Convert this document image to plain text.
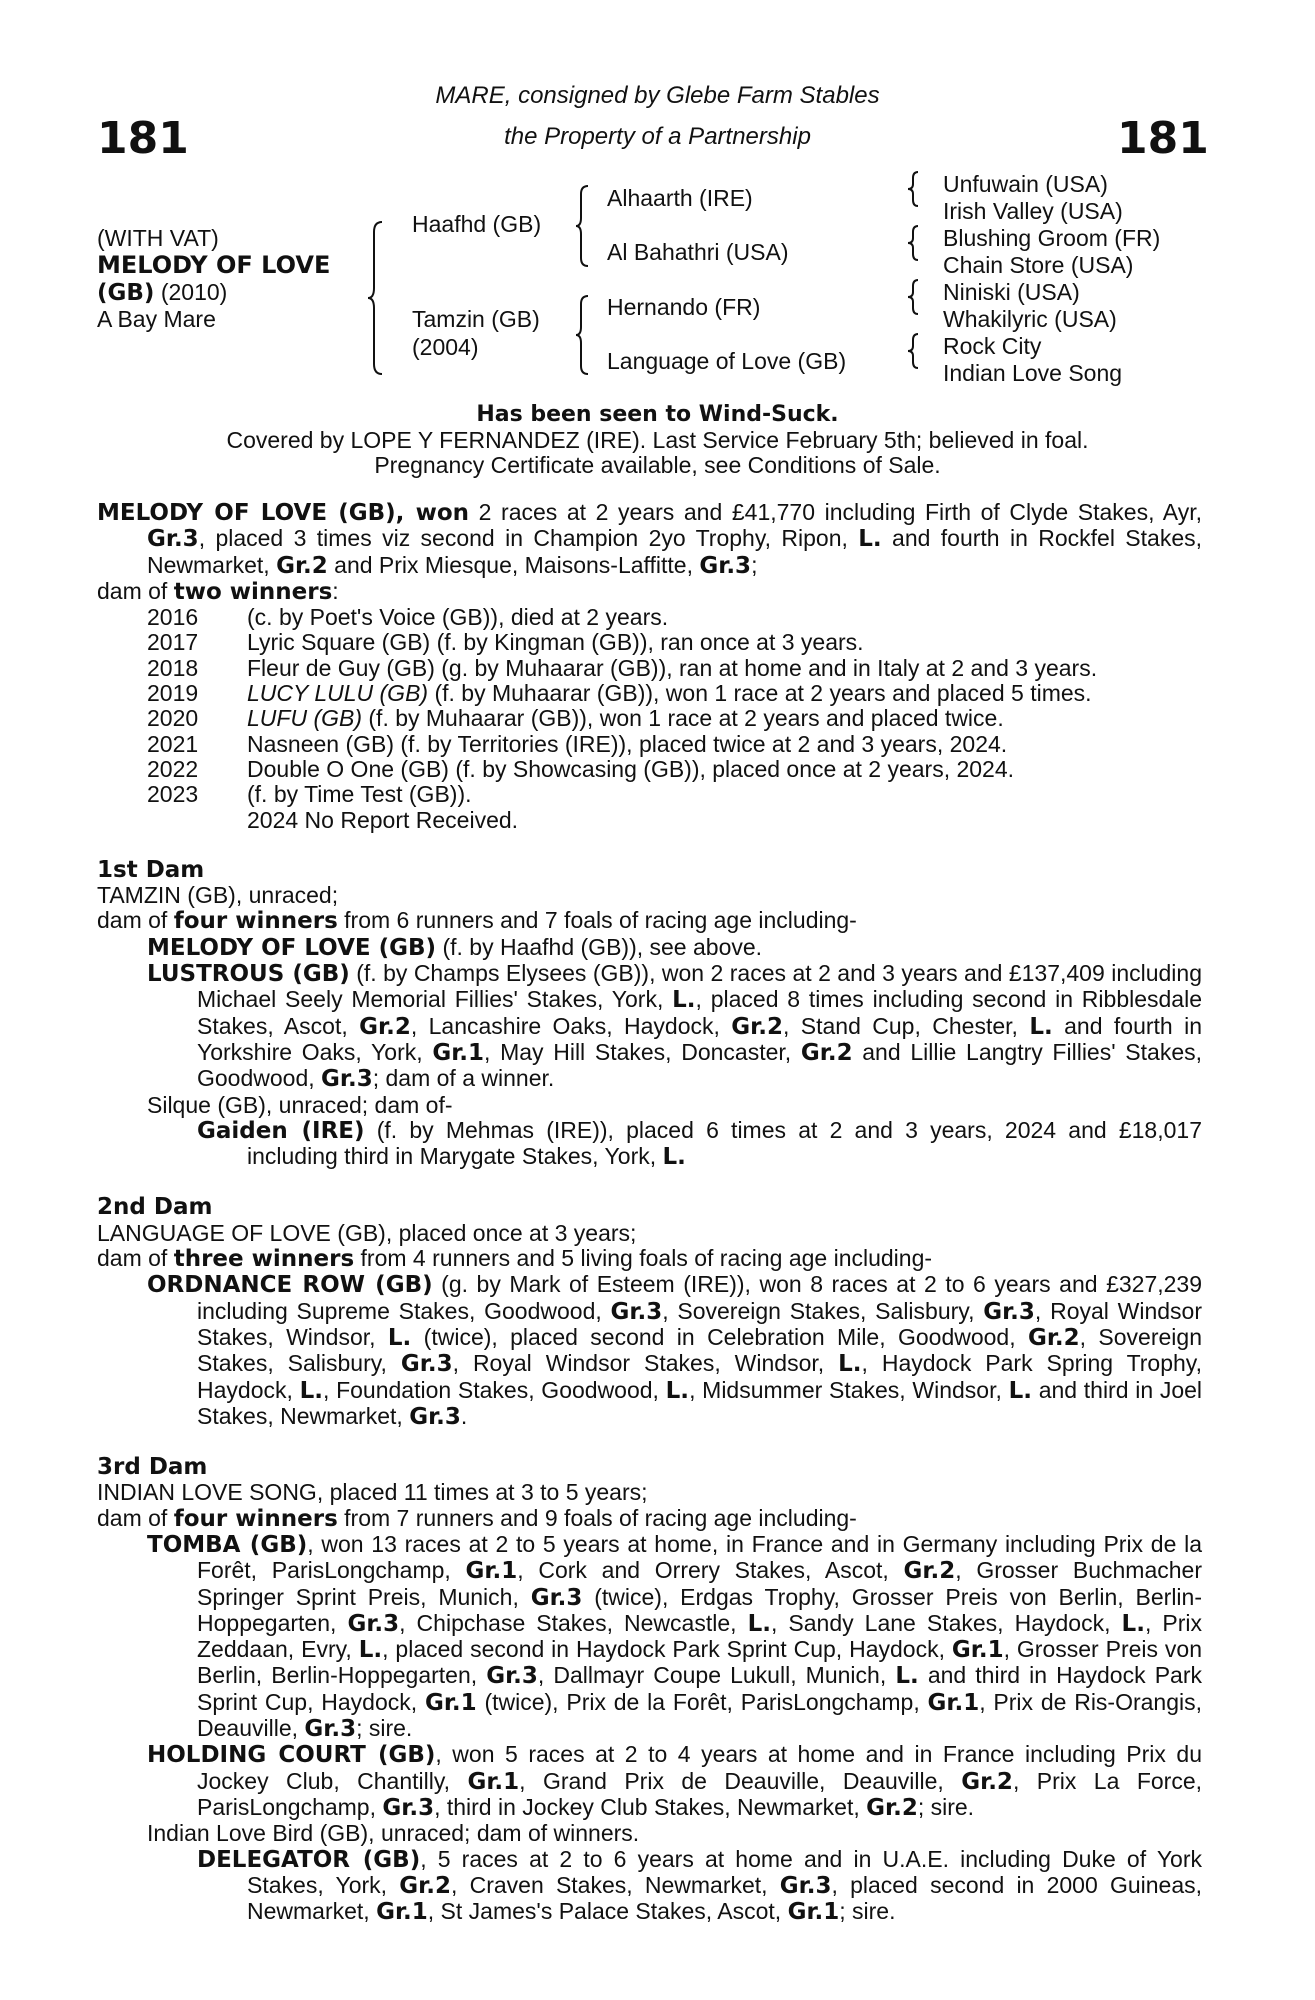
181	181
MARE, consigned by Glebe Farm Stables
the Property of a Partnership
(WITH VAT)
MELODY OF LOVE
(GB) (2010)
A Bay Mare
Haafhd (GB)
Tamzin (GB)
(2004)
Alhaarth (IRE)
Al Bahathri (USA)
Hernando (FR)
Language of Love (GB)
Unfuwain (USA)
Irish Valley (USA)
Blushing Groom (FR)
Chain Store (USA)
Niniski (USA)
Whakilyric (USA)
Rock City
Indian Love Song
Has been seen to Wind-Suck.
Covered by LOPE Y FERNANDEZ (IRE). Last Service February 5th; believed in foal.
Pregnancy Certificate available, see Conditions of Sale.
MELODY OF LOVE (GB), won 2 races at 2 years and £41,770 including Firth of Clyde Stakes, Ayr, Gr.3, placed 3 times viz second in Champion 2yo Trophy, Ripon, L. and fourth in Rockfel Stakes, Newmarket, Gr.2 and Prix Miesque, Maisons-Laffitte, Gr.3;
dam of two winners:
2016	(c. by Poet's Voice (GB)), died at 2 years.
2017	Lyric Square (GB) (f. by Kingman (GB)), ran once at 3 years.
2018	Fleur de Guy (GB) (g. by Muhaarar (GB)), ran at home and in Italy at 2 and 3 years.
2019	LUCY LULU (GB) (f. by Muhaarar (GB)), won 1 race at 2 years and placed 5 times.
2020	LUFU (GB) (f. by Muhaarar (GB)), won 1 race at 2 years and placed twice.
2021	Nasneen (GB) (f. by Territories (IRE)), placed twice at 2 and 3 years, 2024.
2022	Double O One (GB) (f. by Showcasing (GB)), placed once at 2 years, 2024.
2023	(f. by Time Test (GB)).
2024 No Report Received.
1st Dam
TAMZIN (GB), unraced;
dam of four winners from 6 runners and 7 foals of racing age including-
MELODY OF LOVE (GB) (f. by Haafhd (GB)), see above.
LUSTROUS (GB) (f. by Champs Elysees (GB)), won 2 races at 2 and 3 years and £137,409 including Michael Seely Memorial Fillies' Stakes, York, L., placed 8 times including second in Ribblesdale Stakes, Ascot, Gr.2, Lancashire Oaks, Haydock, Gr.2, Stand Cup, Chester, L. and fourth in Yorkshire Oaks, York, Gr.1, May Hill Stakes, Doncaster, Gr.2 and Lillie Langtry Fillies' Stakes, Goodwood, Gr.3; dam of a winner.
Silque (GB), unraced; dam of-
Gaiden (IRE) (f. by Mehmas (IRE)), placed 6 times at 2 and 3 years, 2024 and £18,017 including third in Marygate Stakes, York, L.
2nd Dam
LANGUAGE OF LOVE (GB), placed once at 3 years;
dam of three winners from 4 runners and 5 living foals of racing age including-
ORDNANCE ROW (GB) (g. by Mark of Esteem (IRE)), won 8 races at 2 to 6 years and £327,239 including Supreme Stakes, Goodwood, Gr.3, Sovereign Stakes, Salisbury, Gr.3, Royal Windsor Stakes, Windsor, L. (twice), placed second in Celebration Mile, Goodwood, Gr.2, Sovereign Stakes, Salisbury, Gr.3, Royal Windsor Stakes, Windsor, L., Haydock Park Spring Trophy, Haydock, L., Foundation Stakes, Goodwood, L., Midsummer Stakes, Windsor, L. and third in Joel Stakes, Newmarket, Gr.3.
3rd Dam
INDIAN LOVE SONG, placed 11 times at 3 to 5 years;
dam of four winners from 7 runners and 9 foals of racing age including-
TOMBA (GB), won 13 races at 2 to 5 years at home, in France and in Germany including Prix de la Forêt, ParisLongchamp, Gr.1, Cork and Orrery Stakes, Ascot, Gr.2, Grosser Buchmacher Springer Sprint Preis, Munich, Gr.3 (twice), Erdgas Trophy, Grosser Preis von Berlin, Berlin-Hoppegarten, Gr.3, Chipchase Stakes, Newcastle, L., Sandy Lane Stakes, Haydock, L., Prix Zeddaan, Evry, L., placed second in Haydock Park Sprint Cup, Haydock, Gr.1, Grosser Preis von Berlin, Berlin-Hoppegarten, Gr.3, Dallmayr Coupe Lukull, Munich, L. and third in Haydock Park Sprint Cup, Haydock, Gr.1 (twice), Prix de la Forêt, ParisLongchamp, Gr.1, Prix de Ris-Orangis, Deauville, Gr.3; sire.
HOLDING COURT (GB), won 5 races at 2 to 4 years at home and in France including Prix du Jockey Club, Chantilly, Gr.1, Grand Prix de Deauville, Deauville, Gr.2, Prix La Force, ParisLongchamp, Gr.3, third in Jockey Club Stakes, Newmarket, Gr.2; sire.
Indian Love Bird (GB), unraced; dam of winners.
DELEGATOR (GB), 5 races at 2 to 6 years at home and in U.A.E. including Duke of York Stakes, York, Gr.2, Craven Stakes, Newmarket, Gr.3, placed second in 2000 Guineas, Newmarket, Gr.1, St James's Palace Stakes, Ascot, Gr.1; sire.
